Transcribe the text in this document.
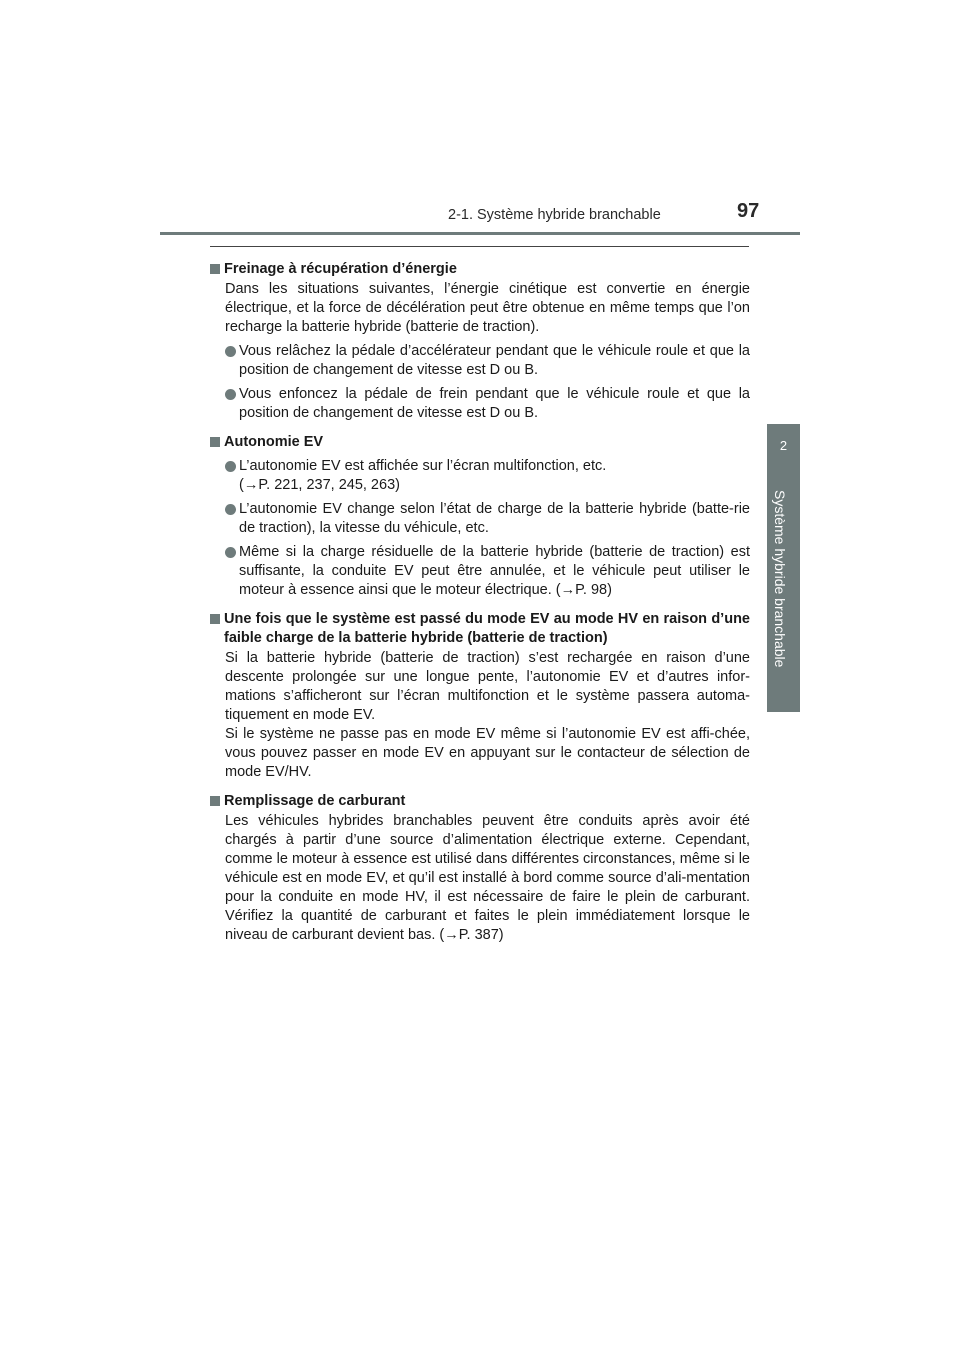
2-1. Système hybride branchable	97
2
Système hybride branchable
Freinage à récupération d’énergie
Dans les situations suivantes, l’énergie cinétique est convertie en énergie électrique, et la force de décélération peut être obtenue en même temps que l’on recharge la batterie hybride (batterie de traction).
Vous relâchez la pédale d’accélérateur pendant que le véhicule roule et que la position de changement de vitesse est D ou B.
Vous enfoncez la pédale de frein pendant que le véhicule roule et que la position de changement de vitesse est D ou B.
Autonomie EV
L’autonomie EV est affichée sur l’écran multifonction, etc.
(→P. 221, 237, 245, 263)
L’autonomie EV change selon l’état de charge de la batterie hybride (batte-rie de traction), la vitesse du véhicule, etc.
Même si la charge résiduelle de la batterie hybride (batterie de traction) est suffisante, la conduite EV peut être annulée, et le véhicule peut utiliser le moteur à essence ainsi que le moteur électrique. (→P. 98)
Une fois que le système est passé du mode EV au mode HV en raison d’une faible charge de la batterie hybride (batterie de traction)
Si la batterie hybride (batterie de traction) s’est rechargée en raison d’une descente prolongée sur une longue pente, l’autonomie EV et d’autres infor-mations s’afficheront sur l’écran multifonction et le système passera automa-tiquement en mode EV.
Si le système ne passe pas en mode EV même si l’autonomie EV est affi-chée, vous pouvez passer en mode EV en appuyant sur le contacteur de sélection de mode EV/HV.
Remplissage de carburant
Les véhicules hybrides branchables peuvent être conduits après avoir été chargés à partir d’une source d’alimentation électrique externe. Cependant, comme le moteur à essence est utilisé dans différentes circonstances, même si le véhicule est en mode EV, et qu’il est installé à bord comme source d’ali-mentation pour la conduite en mode HV, il est nécessaire de faire le plein de carburant. Vérifiez la quantité de carburant et faites le plein immédiatement lorsque le niveau de carburant devient bas. (→P. 387)
